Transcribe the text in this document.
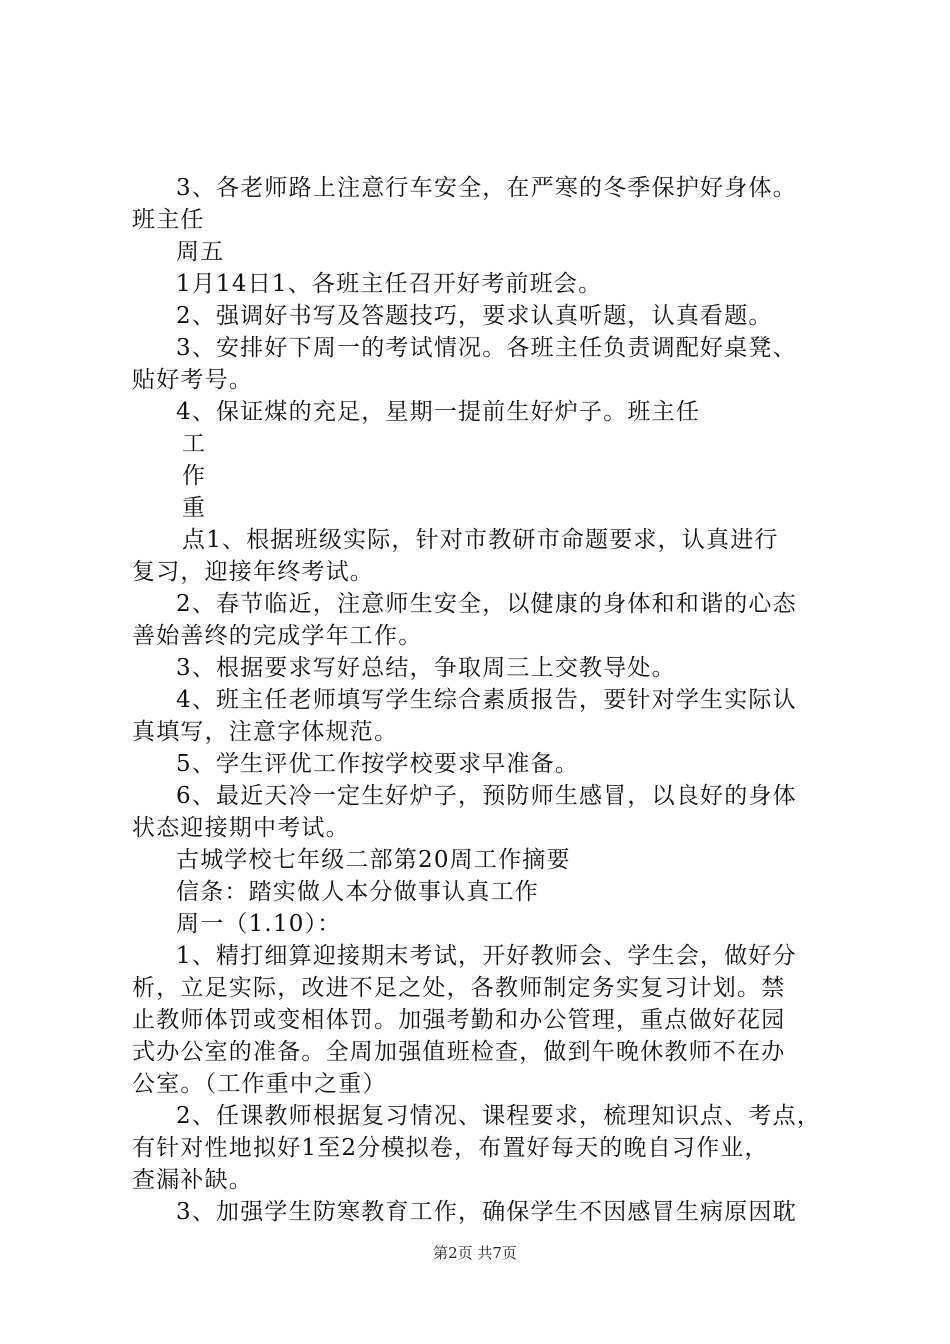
3、各老师路上注意行车安全，在严寒的冬季保护好身体。
班主任
周五
1月14日1、各班主任召开好考前班会。
2、强调好书写及答题技巧，要求认真听题，认真看题。
3、安排好下周一的考试情况。各班主任负责调配好桌凳、
贴好考号。
4、保证煤的充足，星期一提前生好炉子。班主任
工
作
重
点1、根据班级实际，针对市教研市命题要求，认真进行
复习，迎接年终考试。
2、春节临近，注意师生安全，以健康的身体和和谐的心态
善始善终的完成学年工作。
3、根据要求写好总结，争取周三上交教导处。
4、班主任老师填写学生综合素质报告，要针对学生实际认
真填写，注意字体规范。
5、学生评优工作按学校要求早准备。
6、最近天冷一定生好炉子，预防师生感冒，以良好的身体
状态迎接期中考试。
古城学校七年级二部第20周工作摘要
信条：踏实做人本分做事认真工作
周一（1.10）：
1、精打细算迎接期末考试，开好教师会、学生会，做好分
析，立足实际，改进不足之处，各教师制定务实复习计划。禁
止教师体罚或变相体罚。加强考勤和办公管理，重点做好花园
式办公室的准备。全周加强值班检查，做到午晚休教师不在办
公室。（工作重中之重）
2、任课教师根据复习情况、课程要求，梳理知识点、考点，
有针对性地拟好1至2分模拟卷，布置好每天的晚自习作业，
查漏补缺。
3、加强学生防寒教育工作，确保学生不因感冒生病原因耽
第2页 共7页
